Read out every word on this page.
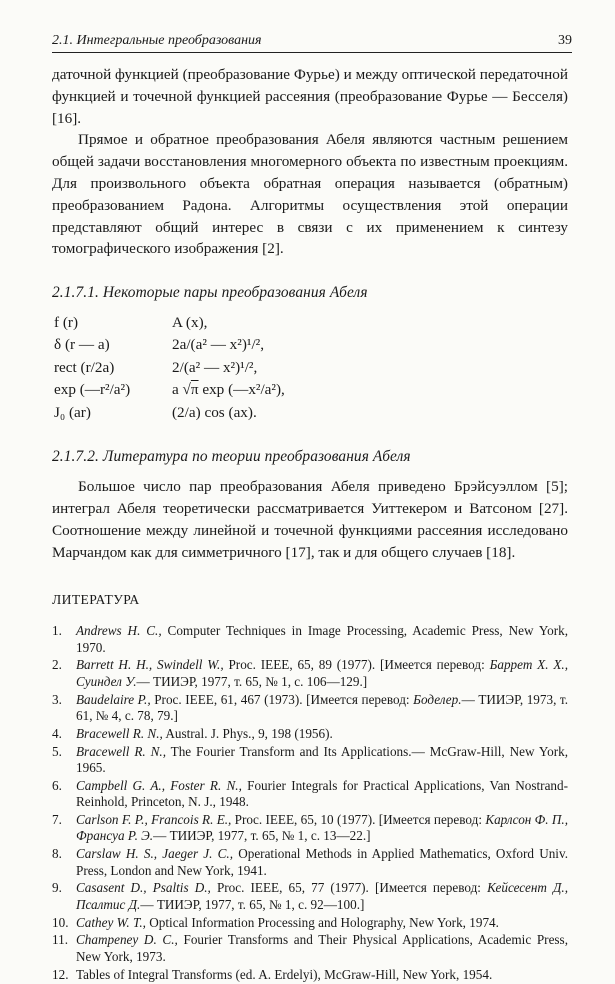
2.1. Интегральные преобразования	39

даточной функцией (преобразование Фурье) и между оптической передаточной функцией и точечной функцией рассеяния (преобразование Фурье — Бесселя) [16].

Прямое и обратное преобразования Абеля являются частным решением общей задачи восстановления многомерного объекта по известным проекциям. Для произвольного объекта обратная операция называется (обратным) преобразованием Радона. Алгоритмы осуществления этой операции представляют общий интерес в связи с их применением к синтезу томографического изображения [2].

2.1.7.1. Некоторые пары преобразования Абеля
f (r)	A (x),
δ (r — a)	2a/(a² — x²)¹/²,
rect (r/2a)	2/(a² — x²)¹/²,
exp (—r²/a²)	a √π exp (—x²/a²),
J₀ (ar)	(2/a) cos (ax).
2.1.7.2. Литература по теории преобразования Абеля

Большое число пар преобразования Абеля приведено Брэйсуэллом [5]; интеграл Абеля теоретически рассматривается Уиттекером и Ватсоном [27]. Соотношение между линейной и точечной функциями рассеяния исследовано Марчандом как для симметричного [17], так и для общего случаев [18].

ЛИТЕРАТУРА
1.	Andrews H. C., Computer Techniques in Image Processing, Academic Press, New York, 1970.
2.	Barrett H. H., Swindell W., Proc. IEEE, 65, 89 (1977). [Имеется перевод: Баррет Х. Х., Суиндел У.— ТИИЭР, 1977, т. 65, № 1, с. 106—129.]
3.	Baudelaire P., Proc. IEEE, 61, 467 (1973). [Имеется перевод: Боделер.— ТИИЭР, 1973, т. 61, № 4, с. 78, 79.]
4.	Bracewell R. N., Austral. J. Phys., 9, 198 (1956).
5.	Bracewell R. N., The Fourier Transform and Its Applications.— McGraw-Hill, New York, 1965.
6.	Campbell G. A., Foster R. N., Fourier Integrals for Practical Applications, Van Nostrand-Reinhold, Princeton, N. J., 1948.
7.	Carlson F. P., Francois R. E., Proc. IEEE, 65, 10 (1977). [Имеется перевод: Карлсон Ф. П., Франсуа Р. Э.— ТИИЭР, 1977, т. 65, № 1, с. 13—22.]
8.	Carslaw H. S., Jaeger J. C., Operational Methods in Applied Mathematics, Oxford Univ. Press, London and New York, 1941.
9.	Casasent D., Psaltis D., Proc. IEEE, 65, 77 (1977). [Имеется перевод: Кейсесент Д., Псалтис Д.— ТИИЭР, 1977, т. 65, № 1, с. 92—100.]
10. Cathey W. T., Optical Information Processing and Holography, New York, 1974.
11. Champeney D. C., Fourier Transforms and Their Physical Applications, Academic Press, New York, 1973.
12. Tables of Integral Transforms (ed. A. Erdelyi), McGraw-Hill, New York, 1954.
